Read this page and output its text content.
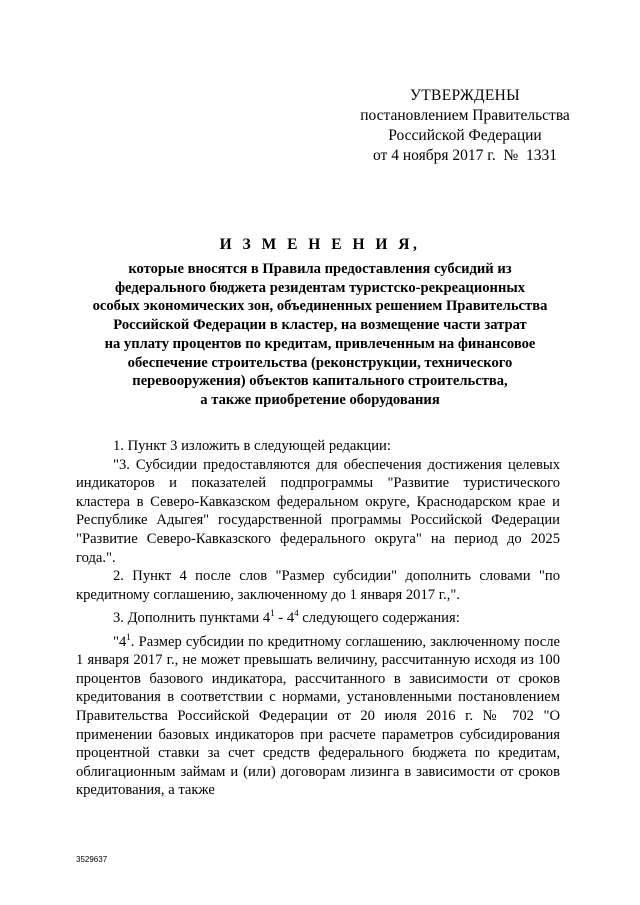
УТВЕРЖДЕНЫ
постановлением Правительства
Российской Федерации
от 4 ноября 2017 г.  №  1331
И З М Е Н Е Н И Я,
которые вносятся в Правила предоставления субсидий из
федерального бюджета резидентам туристско-рекреационных
особых экономических зон, объединенных решением Правительства
Российской Федерации в кластер, на возмещение части затрат
на уплату процентов по кредитам, привлеченным на финансовое
обеспечение строительства (реконструкции, технического
перевооружения) объектов капитального строительства,
а также приобретение оборудования

1. Пункт 3 изложить в следующей редакции:

"3. Субсидии предоставляются для обеспечения достижения целевых индикаторов и показателей подпрограммы "Развитие туристического кластера в Северо-Кавказском федеральном округе, Краснодарском крае и Республике Адыгея" государственной программы Российской Федерации "Развитие Северо-Кавказского федерального округа" на период до 2025 года.".

2. Пункт 4 после слов "Размер субсидии" дополнить словами "по кредитному соглашению, заключенному до 1 января 2017 г.,".

3. Дополнить пунктами $4^1 - 4^4$ следующего содержания:

"$4^1$. Размер субсидии по кредитному соглашению, заключенному после 1 января 2017 г., не может превышать величину, рассчитанную исходя из 100 процентов базового индикатора, рассчитанного в зависимости от сроков кредитования в соответствии с нормами, установленными постановлением Правительства Российской Федерации от 20 июля 2016 г. № 702 "О применении базовых индикаторов при расчете параметров субсидирования процентной ставки за счет средств федерального бюджета по кредитам, облигационным займам и (или) договорам лизинга в зависимости от сроков кредитования, а также

3529637
